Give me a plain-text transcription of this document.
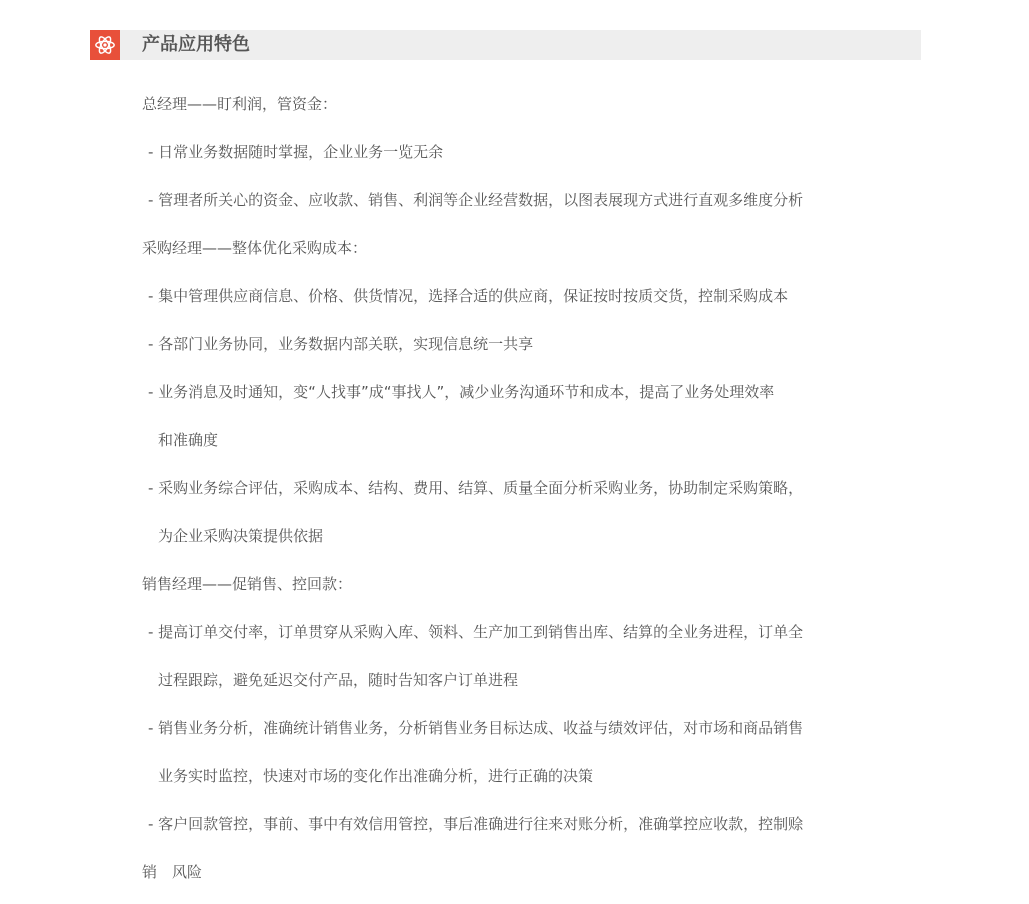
产品应用特色
总经理——盯利润，管资金：
- 日常业务数据随时掌握，企业业务一览无余
- 管理者所关心的资金、应收款、销售、利润等企业经营数据，以图表展现方式进行直观多维度分析
采购经理——整体优化采购成本：
- 集中管理供应商信息、价格、供货情况，选择合适的供应商，保证按时按质交货，控制采购成本
- 各部门业务协同，业务数据内部关联，实现信息统一共享
- 业务消息及时通知，变“人找事”成“事找人”，减少业务沟通环节和成本，提高了业务处理效率
和准确度
- 采购业务综合评估，采购成本、结构、费用、结算、质量全面分析采购业务，协助制定采购策略，
为企业采购决策提供依据
销售经理——促销售、控回款：
- 提高订单交付率，订单贯穿从采购入库、领料、生产加工到销售出库、结算的全业务进程，订单全
过程跟踪，避免延迟交付产品，随时告知客户订单进程
- 销售业务分析，准确统计销售业务，分析销售业务目标达成、收益与绩效评估，对市场和商品销售
业务实时监控，快速对市场的变化作出准确分析，进行正确的决策
- 客户回款管控，事前、事中有效信用管控，事后准确进行往来对账分析，准确掌控应收款，控制赊
销　风险
